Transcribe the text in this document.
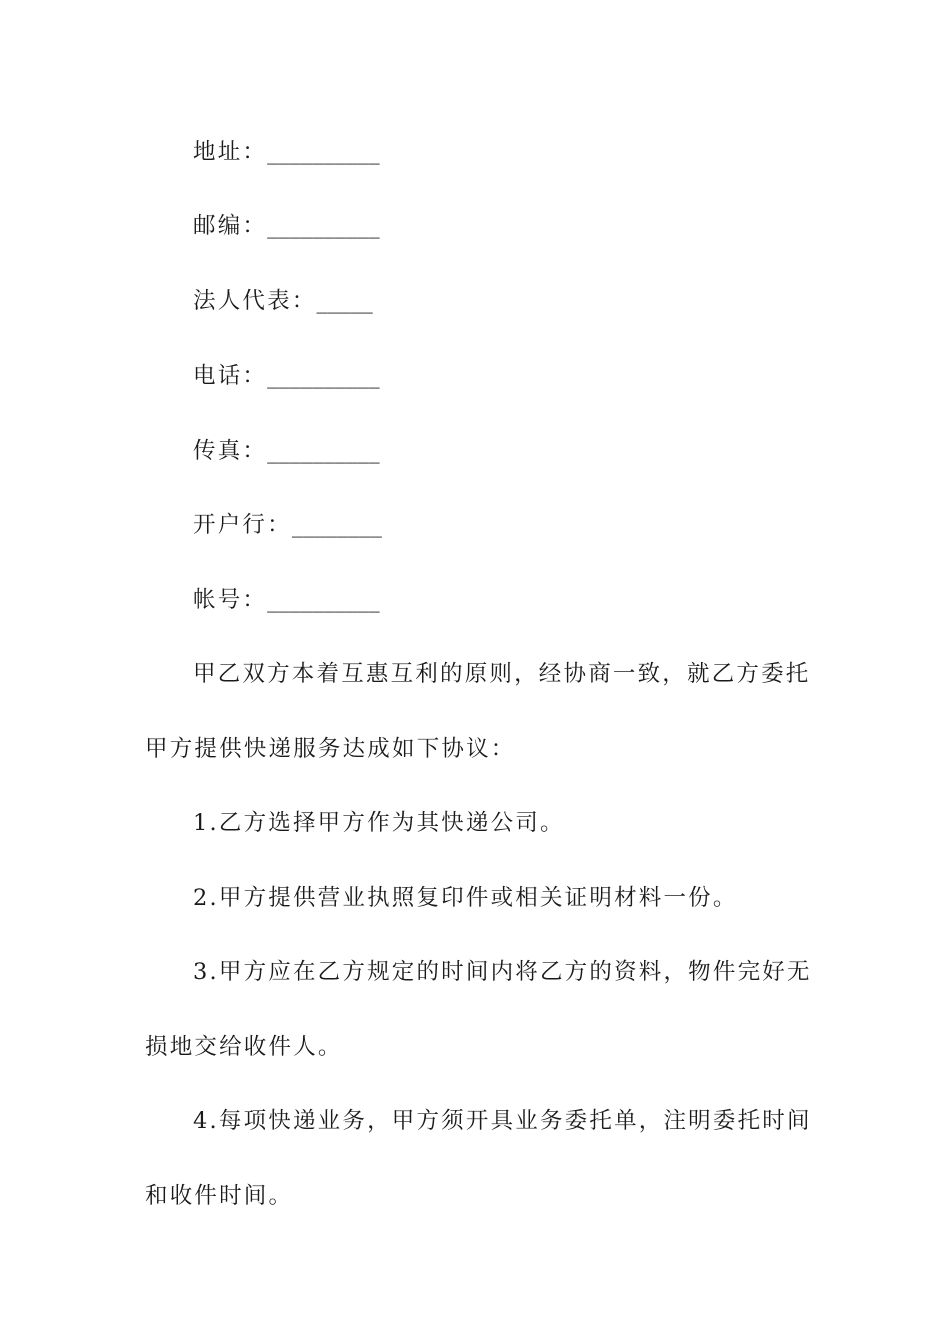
地址：__________
邮编：__________
法人代表：_____
电话：__________
传真：__________
开户行：________
帐号：__________
甲乙双方本着互惠互利的原则，经协商一致，就乙方委托
甲方提供快递服务达成如下协议：
1.乙方选择甲方作为其快递公司。
2.甲方提供营业执照复印件或相关证明材料一份。
3.甲方应在乙方规定的时间内将乙方的资料，物件完好无
损地交给收件人。
4.每项快递业务，甲方须开具业务委托单，注明委托时间
和收件时间。
